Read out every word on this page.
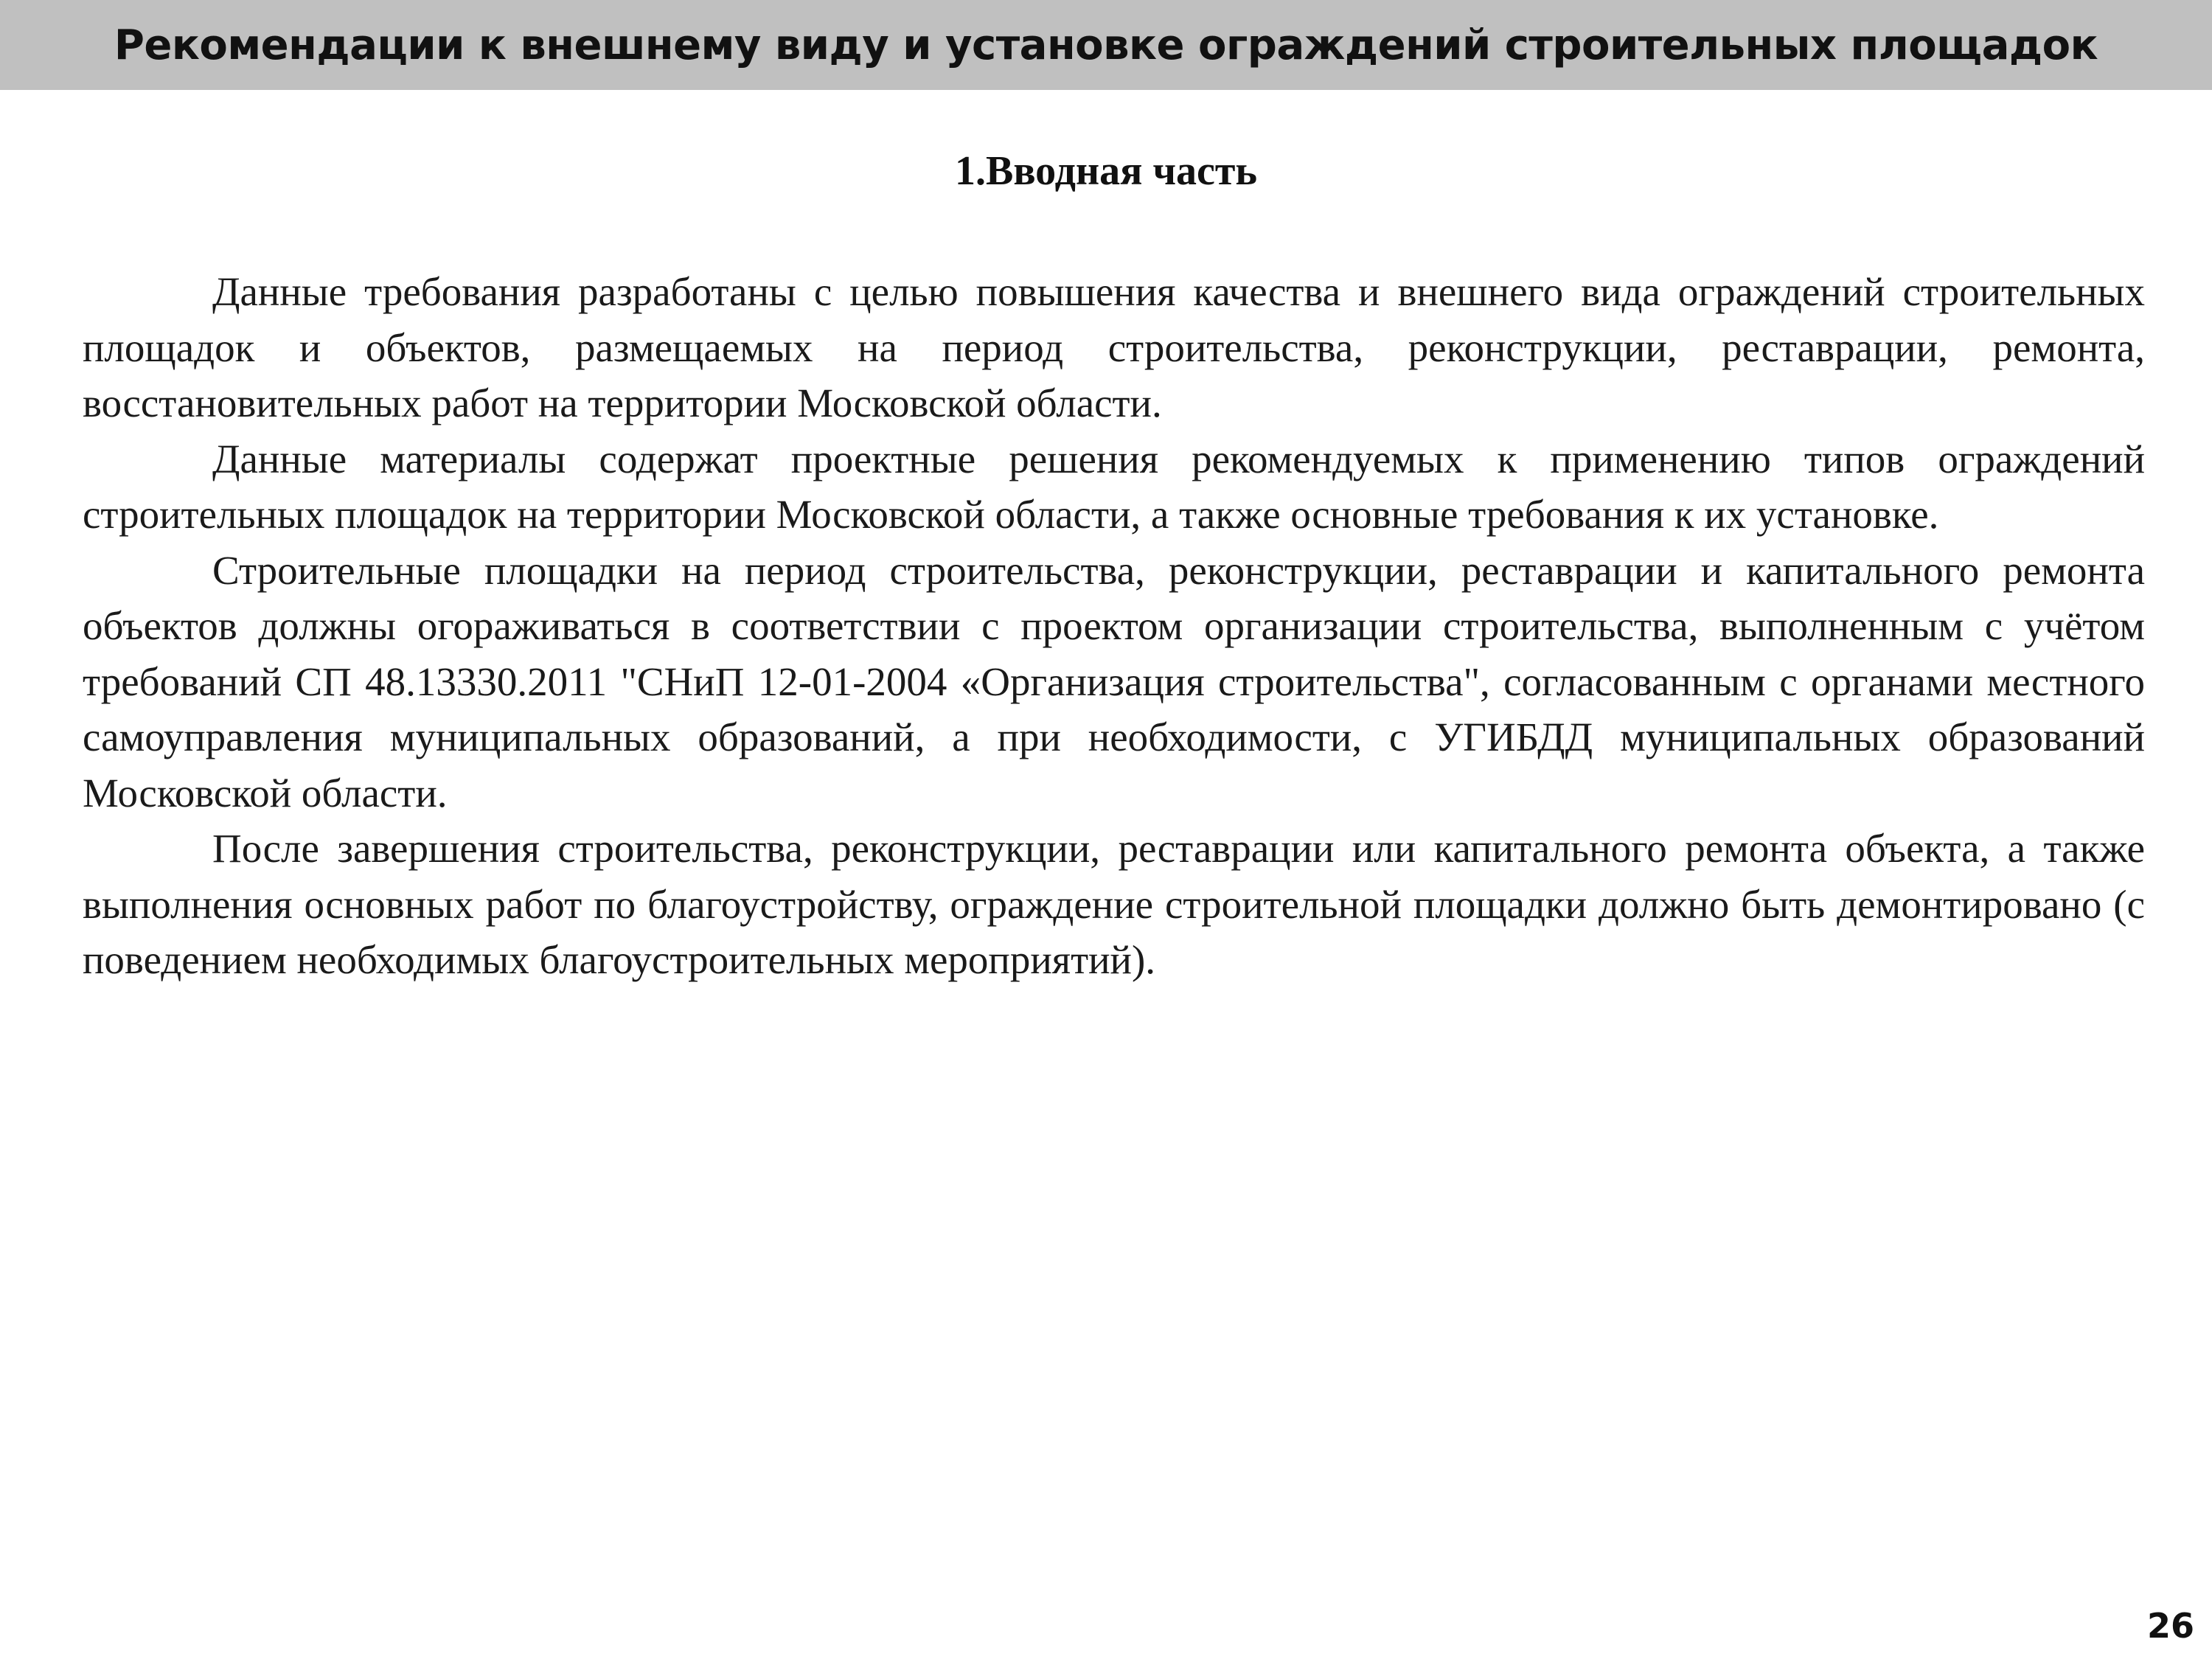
Рекомендации к внешнему виду и установке ограждений строительных площадок
1.Вводная часть

Данные требования разработаны с целью повышения качества и внешнего вида ограждений строительных площадок и объектов, размещаемых на период строительства, реконструкции, реставрации, ремонта, восстановительных работ на территории Московской области.

Данные материалы содержат проектные решения рекомендуемых к применению типов ограждений строительных площадок на территории Московской области, а также основные требования к их установке.

Строительные площадки на период строительства, реконструкции, реставрации и капитального ремонта объектов должны огораживаться в соответствии с проектом организации строительства, выполненным с учётом требований СП 48.13330.2011 "СНиП 12-01-2004 «Организация строительства", согласованным с органами местного самоуправления муниципальных образований, а при необходимости, с УГИБДД муниципальных образований Московской области.

После завершения строительства, реконструкции, реставрации или капитального ремонта объекта, а также выполнения основных работ по благоустройству, ограждение строительной площадки должно быть демонтировано (с поведением необходимых благоустроительных мероприятий).

26
